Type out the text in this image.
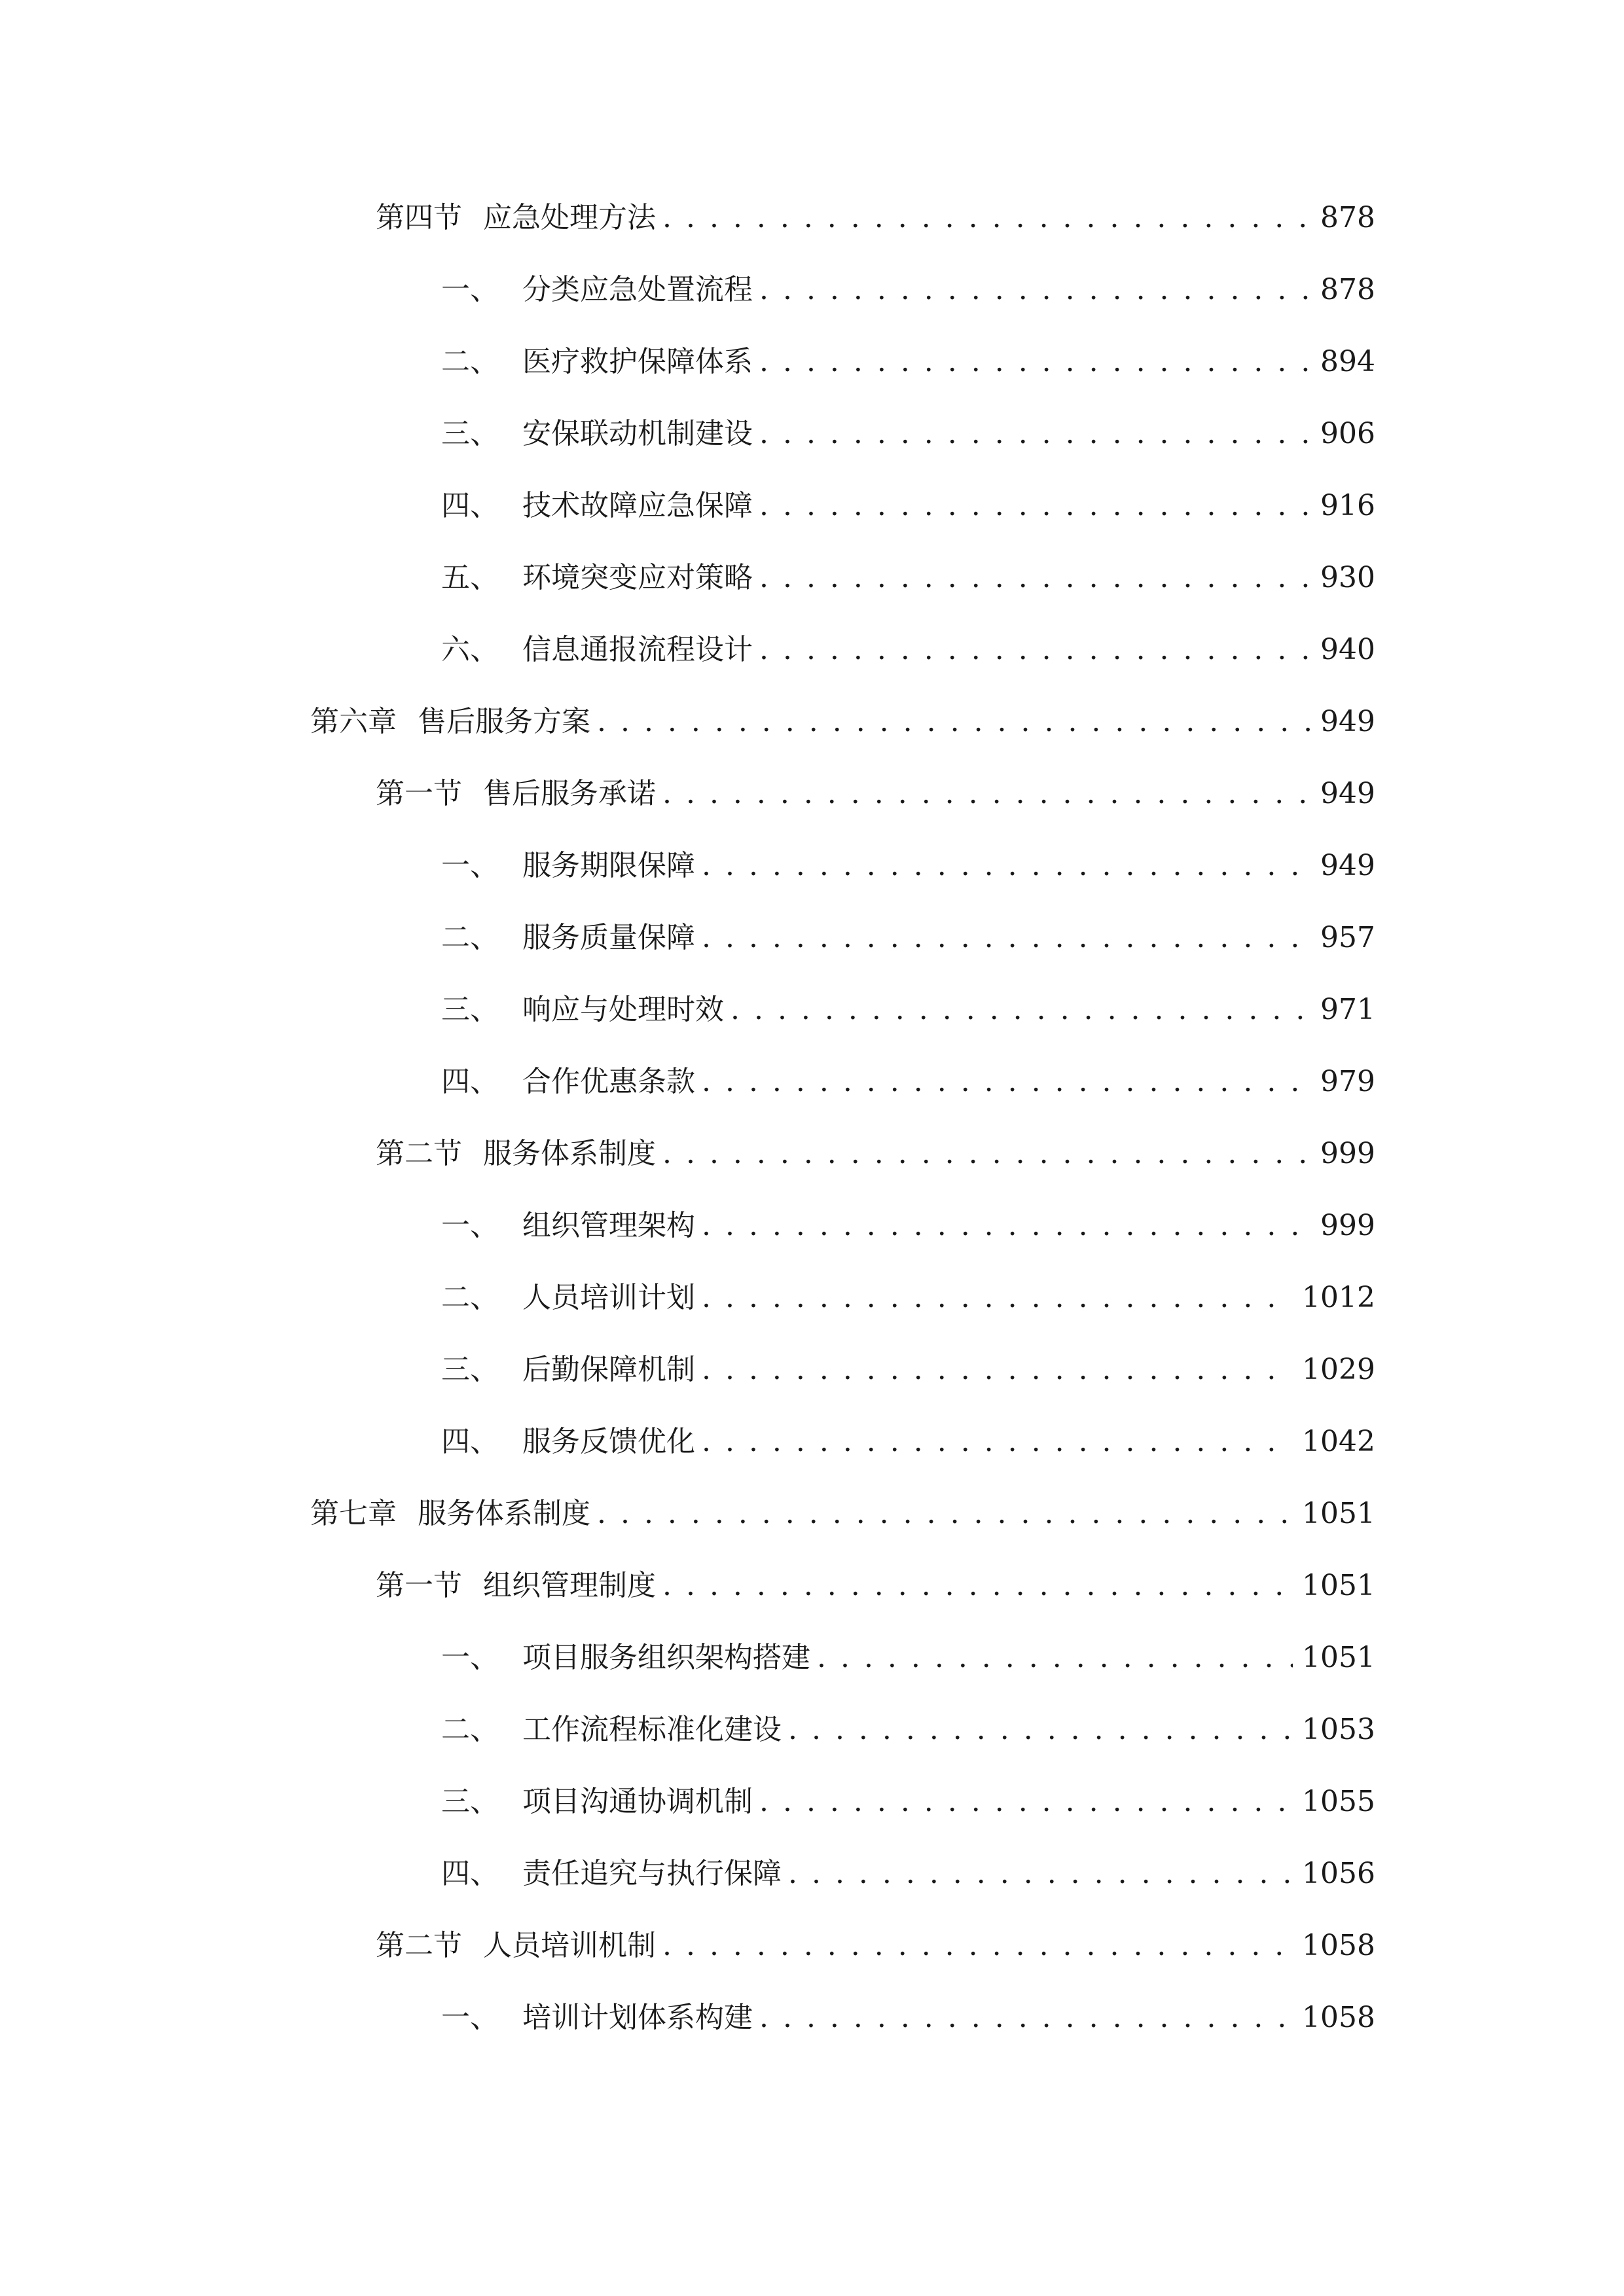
第四节 应急处理方法 . . .	878
一、 分类应急处置流程 . . .	878
二、 医疗救护保障体系 . . .	894
三、 安保联动机制建设 . . .	906
四、 技术故障应急保障 . . .	916
五、 环境突变应对策略 . . .	930
六、 信息通报流程设计 . . .	940
第六章 售后服务方案 . . .	949
第一节 售后服务承诺 . . .	949
一、 服务期限保障 . . .	949
二、 服务质量保障 . . .	957
三、 响应与处理时效 . . .	971
四、 合作优惠条款 . . .	979
第二节 服务体系制度 . . .	999
一、 组织管理架构 . . .	999
二、 人员培训计划 . . .	1012
三、 后勤保障机制 . . .	1029
四、 服务反馈优化 . . .	1042
第七章 服务体系制度 . . .	1051
第一节 组织管理制度 . . .	1051
一、 项目服务组织架构搭建 . . .	1051
二、 工作流程标准化建设 . . .	1053
三、 项目沟通协调机制 . . .	1055
四、 责任追究与执行保障 . . .	1056
第二节 人员培训机制 . . .	1058
一、 培训计划体系构建 . . .	1058
